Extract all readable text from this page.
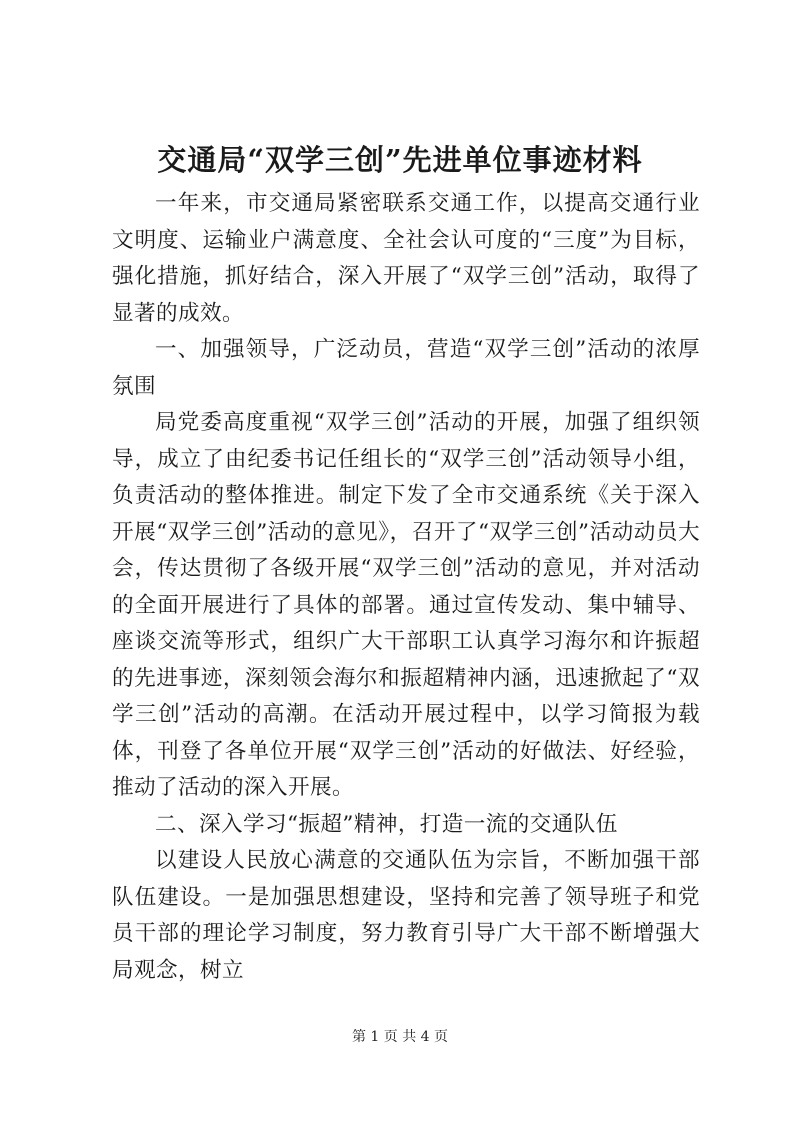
交通局“双学三创”先进单位事迹材料

一年来，市交通局紧密联系交通工作，以提高交通行业文明度、运输业户满意度、全社会认可度的“三度”为目标，强化措施，抓好结合，深入开展了“双学三创”活动，取得了显著的成效。

一、加强领导，广泛动员，营造“双学三创”活动的浓厚氛围

局党委高度重视“双学三创”活动的开展，加强了组织领导，成立了由纪委书记任组长的“双学三创”活动领导小组，负责活动的整体推进。制定下发了全市交通系统《关于深入开展“双学三创”活动的意见》，召开了“双学三创”活动动员大会，传达贯彻了各级开展“双学三创”活动的意见，并对活动的全面开展进行了具体的部署。通过宣传发动、集中辅导、座谈交流等形式，组织广大干部职工认真学习海尔和许振超的先进事迹，深刻领会海尔和振超精神内涵，迅速掀起了“双学三创”活动的高潮。在活动开展过程中，以学习简报为载体，刊登了各单位开展“双学三创”活动的好做法、好经验，推动了活动的深入开展。

二、深入学习“振超”精神，打造一流的交通队伍

以建设人民放心满意的交通队伍为宗旨，不断加强干部队伍建设。一是加强思想建设，坚持和完善了领导班子和党员干部的理论学习制度，努力教育引导广大干部不断增强大局观念，树立

第 1 页 共 4 页
